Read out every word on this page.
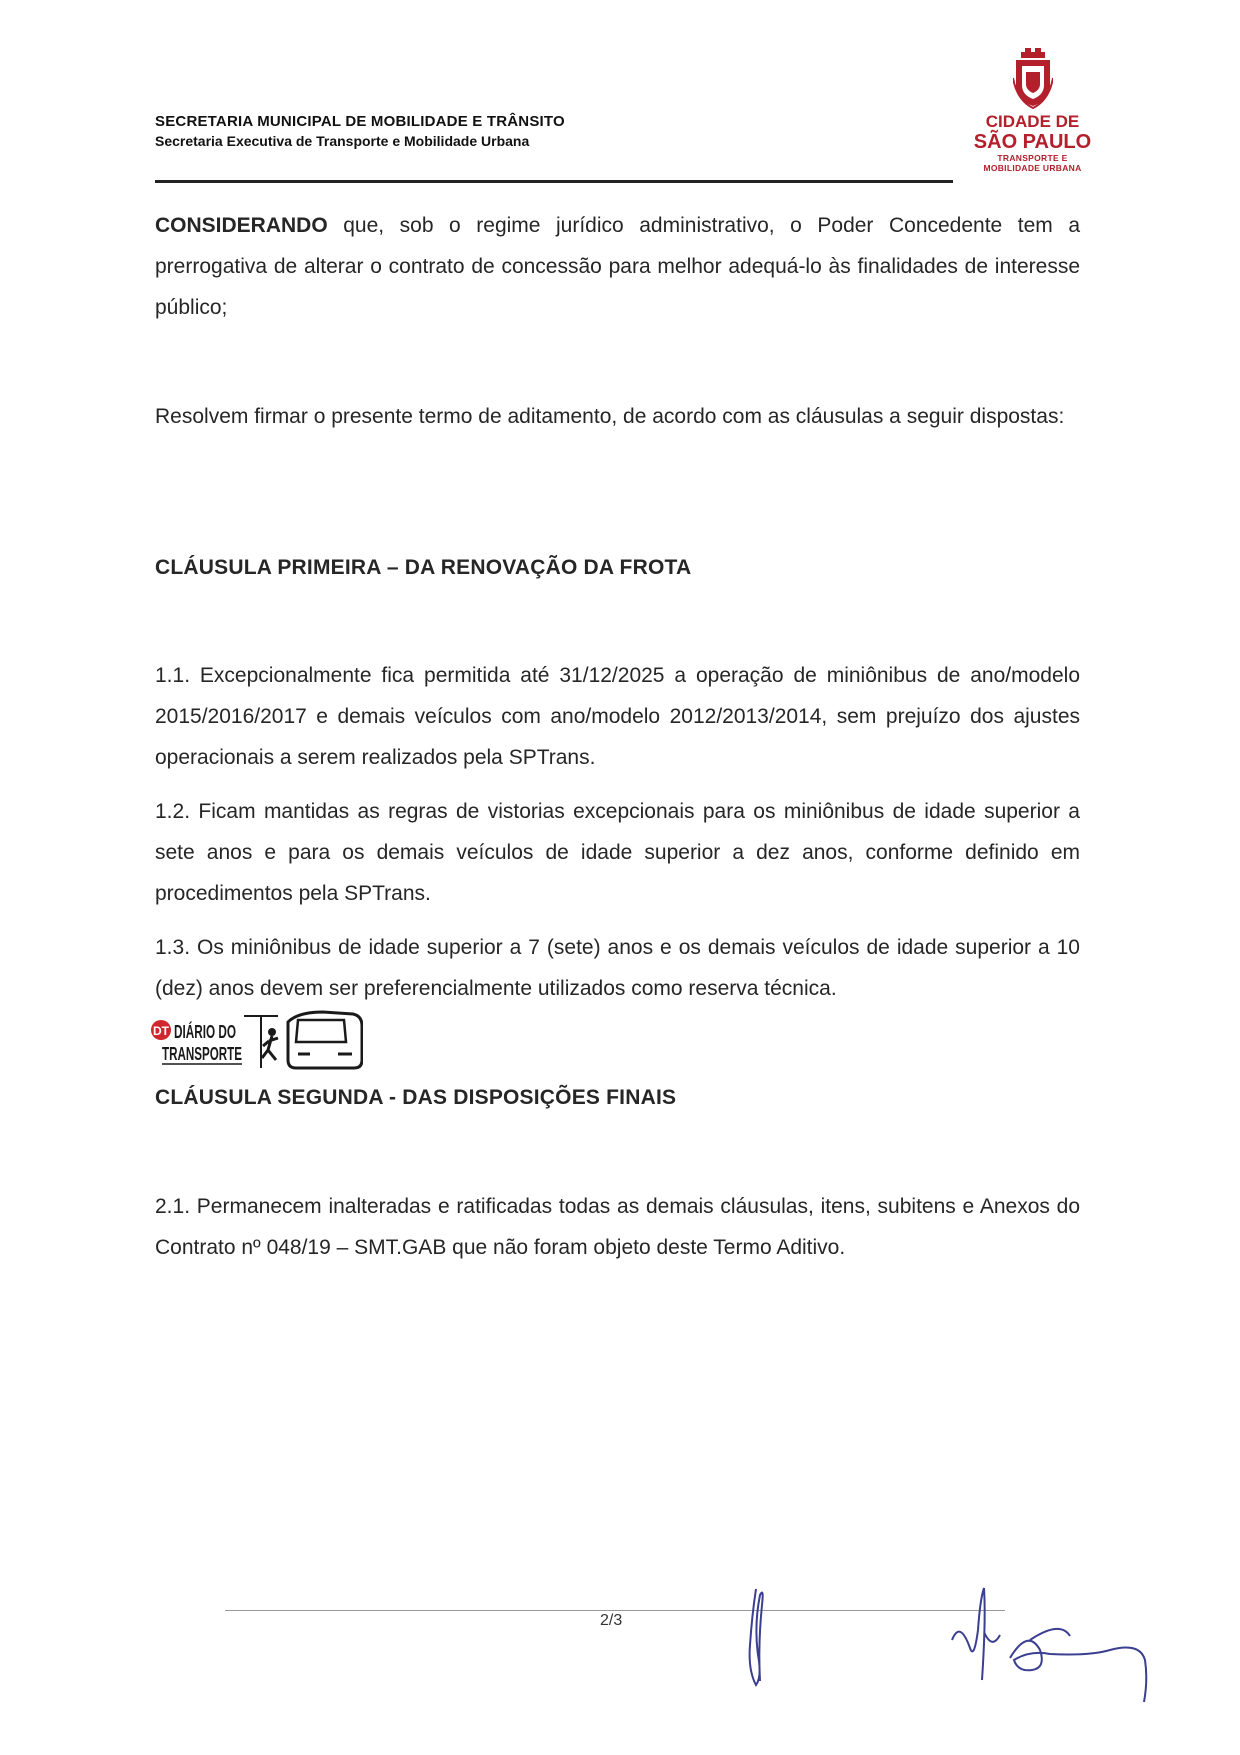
SECRETARIA MUNICIPAL DE MOBILIDADE E TRÂNSITO
Secretaria Executiva de Transporte e Mobilidade Urbana
CIDADE DE
SÃO PAULO
TRANSPORTE E
MOBILIDADE URBANA
CONSIDERANDO que, sob o regime jurídico administrativo, o Poder Concedente tem a prerrogativa de alterar o contrato de concessão para melhor adequá-lo às finalidades de interesse público;
Resolvem firmar o presente termo de aditamento, de acordo com as cláusulas a seguir dispostas:
CLÁUSULA PRIMEIRA – DA RENOVAÇÃO DA FROTA
1.1. Excepcionalmente fica permitida até 31/12/2025 a operação de miniônibus de ano/modelo 2015/2016/2017 e demais veículos com ano/modelo 2012/2013/2014, sem prejuízo dos ajustes operacionais a serem realizados pela SPTrans.
1.2. Ficam mantidas as regras de vistorias excepcionais para os miniônibus de idade superior a sete anos e para os demais veículos de idade superior a dez anos, conforme definido em procedimentos pela SPTrans.
1.3. Os miniônibus de idade superior a 7 (sete) anos e os demais veículos de idade superior a 10 (dez) anos devem ser preferencialmente utilizados como reserva técnica.
DT DIÁRIO DO
TRANSPORTE
CLÁUSULA SEGUNDA - DAS DISPOSIÇÕES FINAIS
2.1. Permanecem inalteradas e ratificadas todas as demais cláusulas, itens, subitens e Anexos do Contrato nº 048/19 – SMT.GAB que não foram objeto deste Termo Aditivo.
2/3
